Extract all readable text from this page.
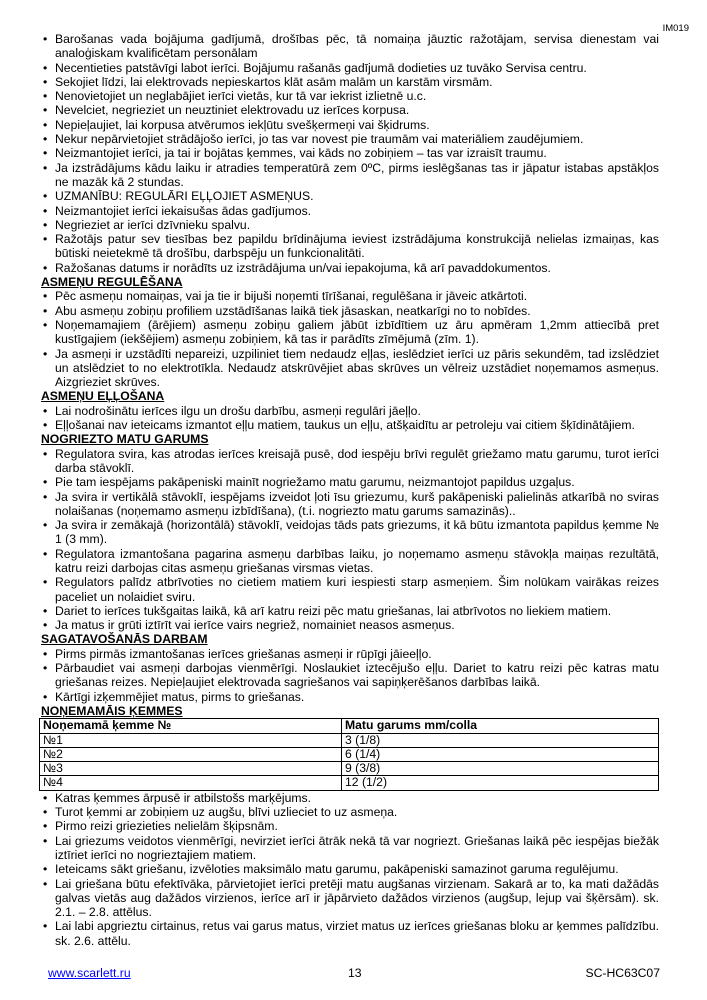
IM019
• Barošanas vada bojājuma gadījumā, drošības pēc, tā nomaiņa jāuztic ražotājam, servisa dienestam vai analoģiskam kvalificētam personālam
• Necentieties patstāvīgi labot ierīci. Bojājumu rašanās gadījumā dodieties uz tuvāko Servisa centru.
• Sekojiet līdzi, lai elektrovads nepieskartos klāt asām malām un karstām virsmām.
• Nenovietojiet un neglabājiet ierīci vietās, kur tā var iekrist izlietnē u.c.
• Nevelciet, negrieziet un neuztiniet elektrovadu uz ierīces korpusa.
• Nepieļaujiet, lai korpusa atvērumos iekļūtu svešķermeņi vai šķidrums.
• Nekur nepārvietojiet strādājošo ierīci, jo tas var novest pie traumām vai materiāliem zaudējumiem.
• Neizmantojiet ierīci, ja tai ir bojātas ķemmes, vai kāds no zobiņiem – tas var izraisīt traumu.
• Ja izstrādājums kādu laiku ir atradies temperatūrā zem 0ºC, pirms ieslēgšanas tas ir jāpatur istabas apstākļos ne mazāk kā 2 stundas.
• UZMANĪBU: REGULĀRI EĻĻOJIET ASMEŅUS.
• Neizmantojiet ierīci iekaisušas ādas gadījumos.
• Negrieziet ar ierīci dzīvnieku spalvu.
• Ražotājs patur sev tiesības bez papildu brīdinājuma ieviest izstrādājuma konstrukcijā nelielas izmaiņas, kas būtiski neietekmē tā drošību, darbspēju un funkcionalitāti.
• Ražošanas datums ir norādīts uz izstrādājuma un/vai iepakojuma, kā arī pavaddokumentos.
ASMEŅU REGULĒŠANA
• Pēc asmeņu nomaiņas, vai ja tie ir bijuši noņemti tīrīšanai, regulēšana ir jāveic atkārtoti.
• Abu asmeņu zobiņu profiliem uzstādīšanas laikā tiek jāsaskan, neatkarīgi no to nobīdes.
• Noņemamajiem (ārējiem) asmeņu zobiņu galiem jābūt izbīdītiem uz āru apmēram 1,2mm attiecībā pret kustīgajiem (iekšējiem) asmeņu zobiņiem, kā tas ir parādīts zīmējumā (zīm. 1).
• Ja asmeņi ir uzstādīti nepareizi, uzpiliniet tiem nedaudz eļļas, ieslēdziet ierīci uz pāris sekundēm, tad izslēdziet un atslēdziet to no elektrotīkla. Nedaudz atskrūvējiet abas skrūves un vēlreiz uzstādiet noņemamos asmeņus. Aizgrieziet skrūves.
ASMEŅU EĻĻOŠANA
• Lai nodrošinātu ierīces ilgu un drošu darbību, asmeņi regulāri jāeļļo.
• Eļļošanai nav ieteicams izmantot eļļu matiem, taukus un eļļu, atšķaidītu ar petroleju vai citiem šķīdinātājiem.
NOGRIEZTO MATU GARUMS
• Regulatora svira, kas atrodas ierīces kreisajā pusē, dod iespēju brīvi regulēt griežamo matu garumu, turot ierīci darba stāvoklī.
• Pie tam iespējams pakāpeniski mainīt nogriežamo matu garumu, neizmantojot papildus uzgaļus.
• Ja svira ir vertikālā stāvoklī, iespējams izveidot ļoti īsu griezumu, kurš pakāpeniski palielinās atkarībā no sviras nolaišanas (noņemamo asmeņu izbīdīšana), (t.i. nogriezto matu garums samazinās)..
• Ja svira ir zemākajā (horizontālā) stāvoklī, veidojas tāds pats griezums, it kā būtu izmantota papildus ķemme № 1 (3 mm).
• Regulatora izmantošana pagarina asmeņu darbības laiku, jo noņemamo asmeņu stāvokļa maiņas rezultātā, katru reizi darbojas citas asmeņu griešanas virsmas vietas.
• Regulators palīdz atbrīvoties no cietiem matiem kuri iespiesti starp asmeņiem. Šim nolūkam vairākas reizes paceliet un nolaidiet sviru.
• Dariet to ierīces tukšgaitas laikā, kā arī katru reizi pēc matu griešanas, lai atbrīvotos no liekiem matiem.
• Ja matus ir grūti iztīrīt vai ierīce vairs negriež, nomainiet neasos asmeņus.
SAGATAVOŠANĀS DARBAM
• Pirms pirmās izmantošanas ierīces griešanas asmeņi ir rūpīgi jāieeļļo.
• Pārbaudiet vai asmeņi darbojas vienmērīgi. Noslaukiet iztecējušo eļļu. Dariet to katru reizi pēc katras matu griešanas reizes. Nepieļaujiet elektrovada sagriešanos vai sapiņķerēšanos darbības laikā.
• Kārtīgi izķemmējiet matus, pirms to griešanas.
NOŅEMAMĀIS ĶEMMES
Noņemamā ķemme №	Matu garums mm/colla
№1	3 (1/8)
№2	6 (1/4)
№3	9 (3/8)
№4	12 (1/2)
• Katras ķemmes ārpusē ir atbilstošs marķējums.
• Turot ķemmi ar zobiņiem uz augšu, blīvi uzlieciet to uz asmeņa.
• Pirmo reizi griezieties nelielām šķipsnām.
• Lai griezums veidotos vienmērīgi, nevirziet ierīci ātrāk nekā tā var nogriezt. Griešanas laikā pēc iespējas biežāk iztīriet ierīci no nogrieztajiem matiem.
• Ieteicams sākt griešanu, izvēloties maksimālo matu garumu, pakāpeniski samazinot garuma regulējumu.
• Lai griešana būtu efektīvāka, pārvietojiet ierīci pretēji matu augšanas virzienam. Sakarā ar to, ka mati dažādās galvas vietās aug dažādos virzienos, ierīce arī ir jāpārvieto dažādos virzienos (augšup, lejup vai šķērsām). sk. 2.1. – 2.8. attēlus.
• Lai labi apgrieztu cirtainus, retus vai garus matus, virziet matus uz ierīces griešanas bloku ar ķemmes palīdzību. sk. 2.6. attēlu.
www.scarlett.ru	13	SC-HC63C07
